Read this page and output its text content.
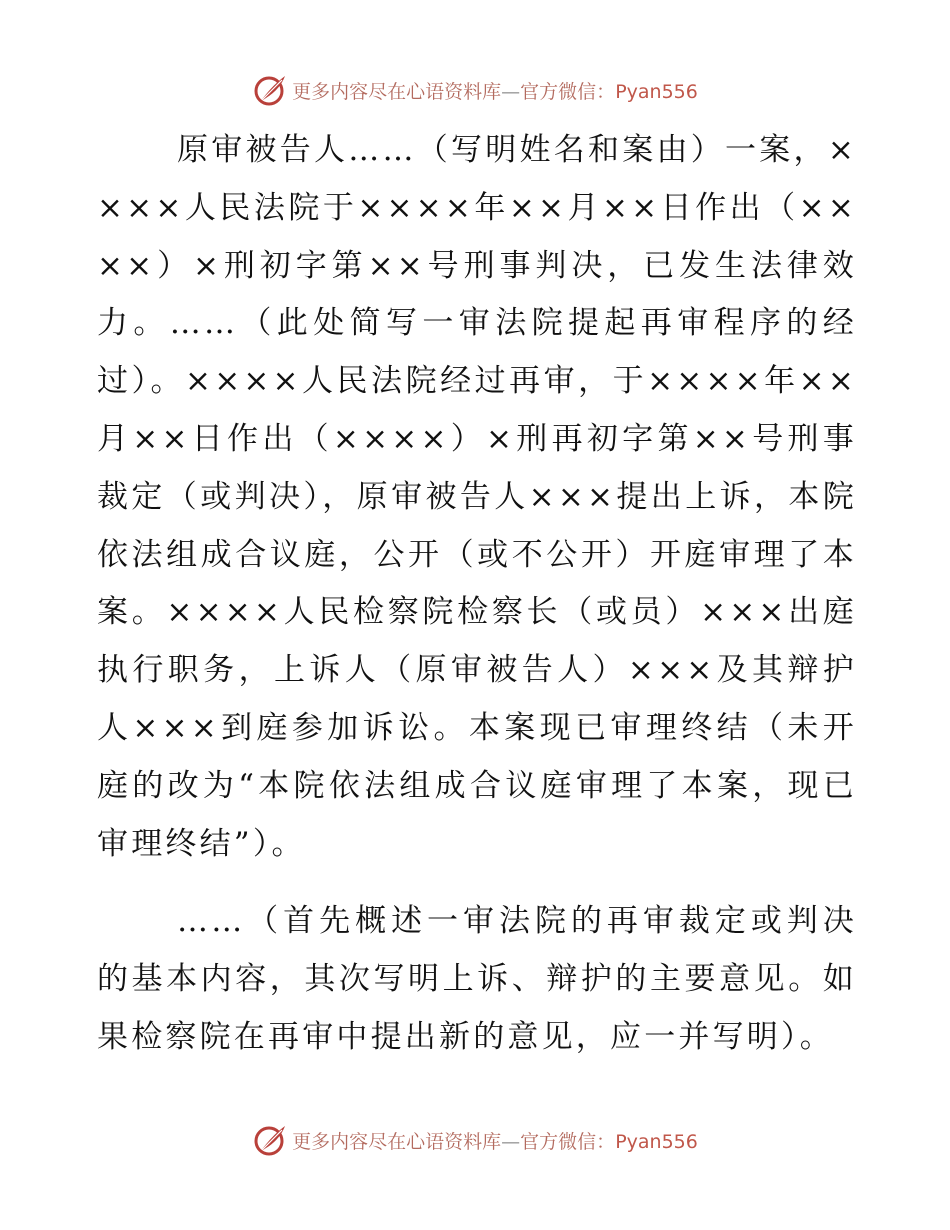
更多内容尽在心语资料库—官方微信：Pyan556

原审被告人……（写明姓名和案由）一案，××××人民法院于××××年××月××日作出（××××）×刑初字第××号刑事判决，已发生法律效力。……（此处简写一审法院提起再审程序的经过）。××××人民法院经过再审，于××××年××月××日作出（××××）×刑再初字第××号刑事裁定（或判决），原审被告人×××提出上诉，本院依法组成合议庭，公开（或不公开）开庭审理了本案。××××人民检察院检察长（或员）×××出庭执行职务，上诉人（原审被告人）×××及其辩护人×××到庭参加诉讼。本案现已审理终结（未开庭的改为“本院依法组成合议庭审理了本案，现已审理终结”）。

……（首先概述一审法院的再审裁定或判决的基本内容，其次写明上诉、辩护的主要意见。如果检察院在再审中提出新的意见，应一并写明）。

更多内容尽在心语资料库—官方微信：Pyan556
